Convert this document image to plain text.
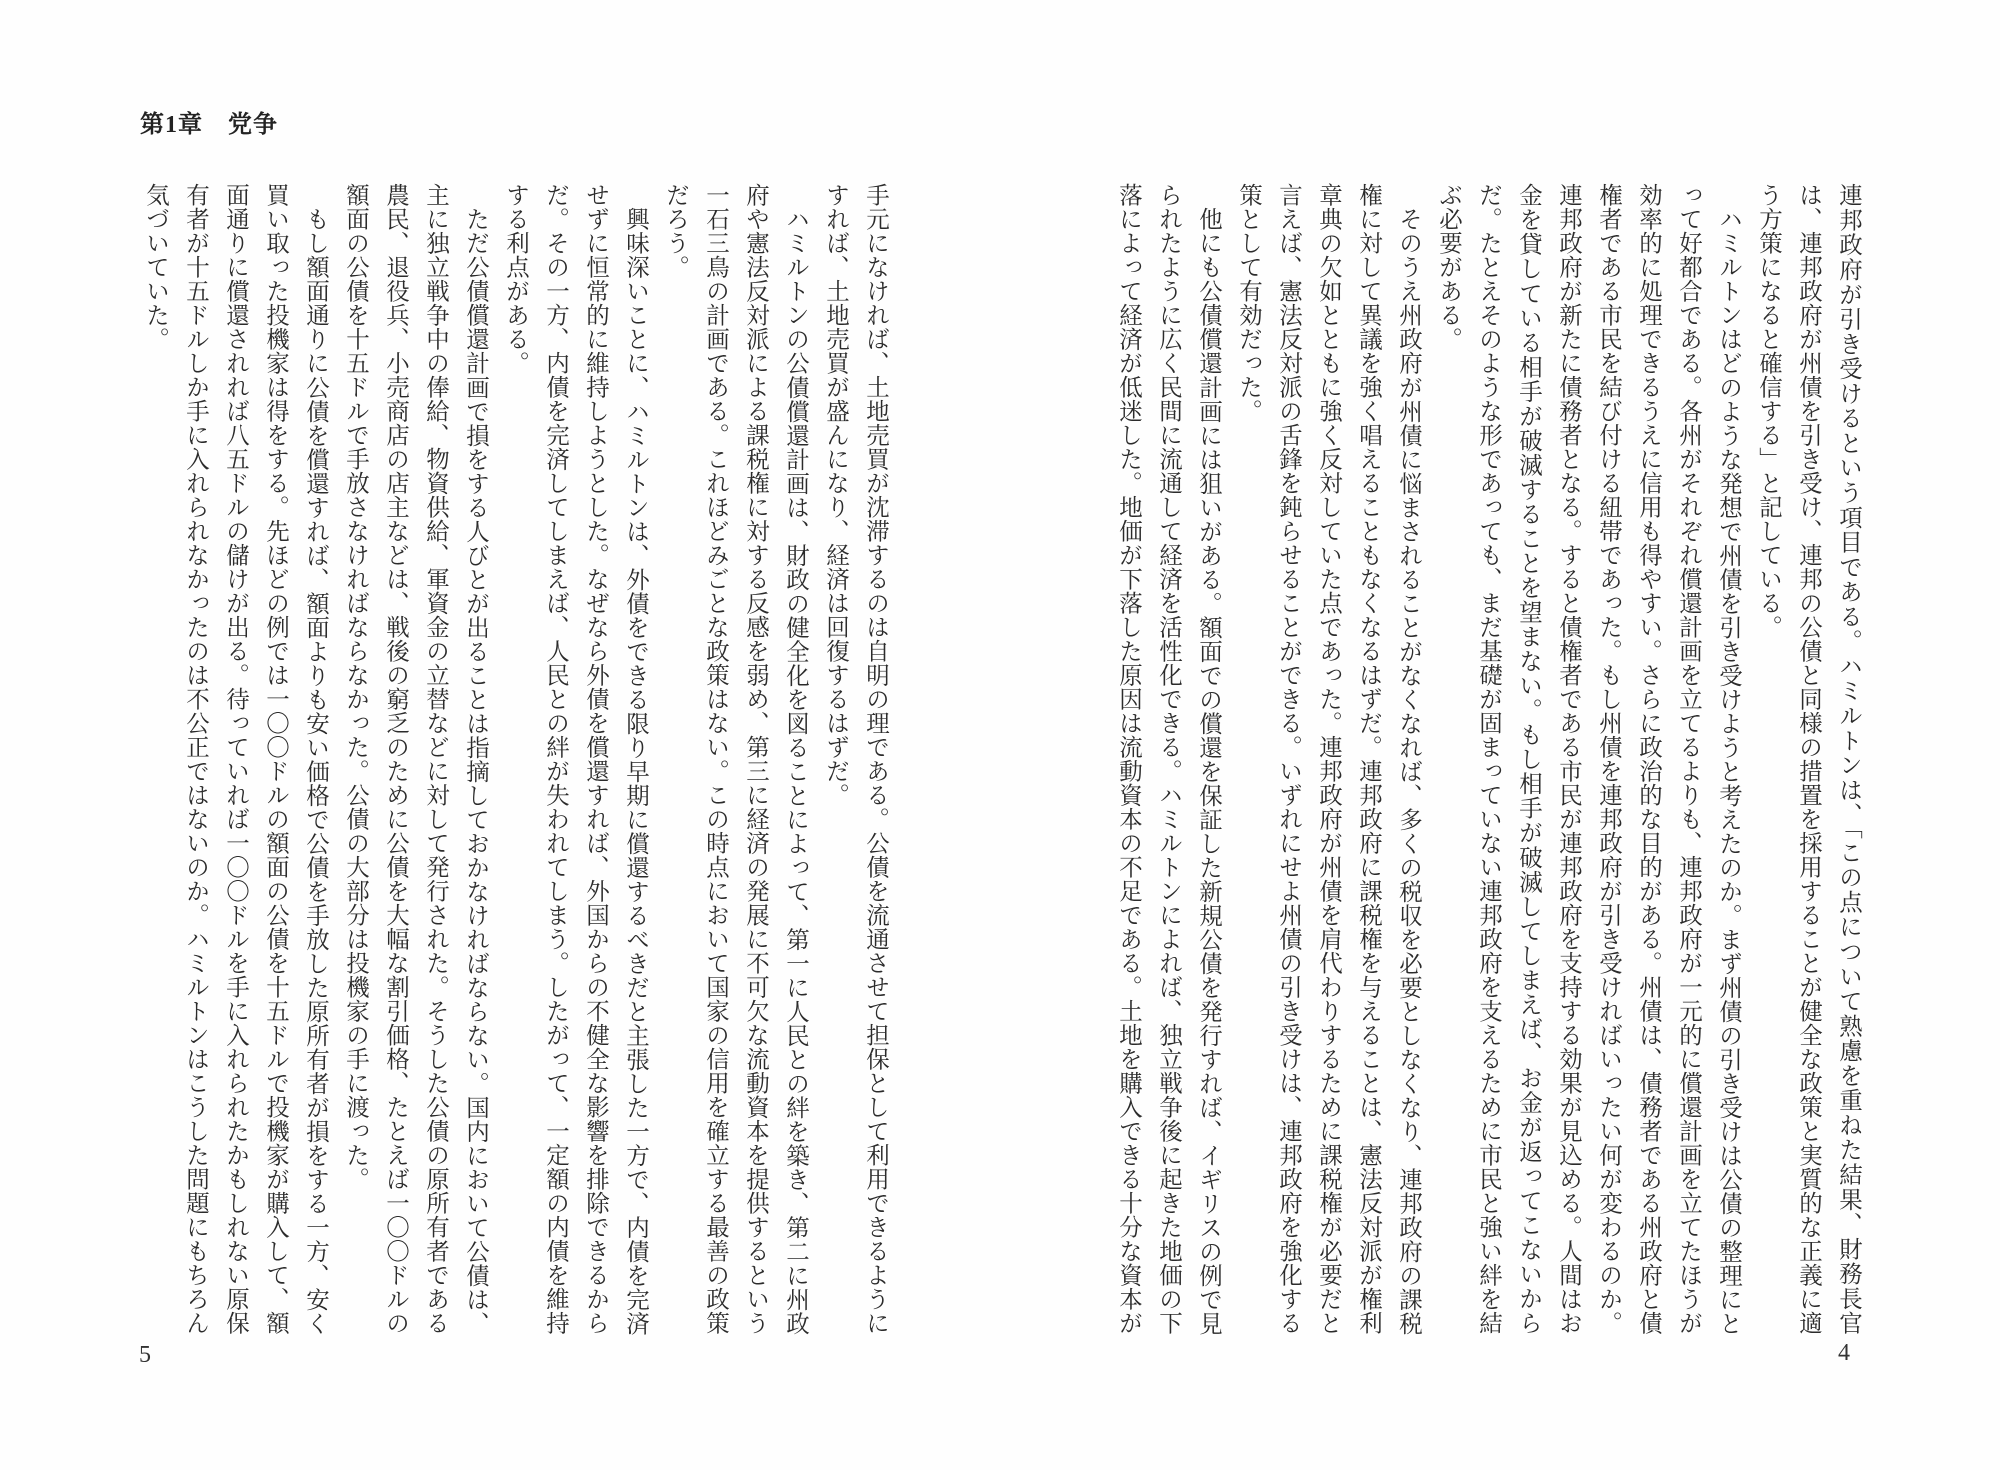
第1章　党争

連邦政府が引き受けるという項目である。ハミルトンは、「この点について熟慮を重ねた結果、財務長官は、連邦政府が州債を引き受け、連邦の公債と同様の措置を採用することが健全な政策と実質的な正義に適う方策になると確信する」と記している。

ハミルトンはどのような発想で州債を引き受けようと考えたのか。まず州債の引き受けは公債の整理にとって好都合である。各州がそれぞれ償還計画を立てるよりも、連邦政府が一元的に償還計画を立てたほうが効率的に処理できるうえに信用も得やすい。さらに政治的な目的がある。州債は、債務者である州政府と債権者である市民を結び付ける紐帯であった。もし州債を連邦政府が引き受ければいったい何が変わるのか。連邦政府が新たに債務者となる。すると債権者である市民が連邦政府を支持する効果が見込める。人間はお金を貸している相手が破滅することを望まない。もし相手が破滅してしまえば、お金が返ってこないからだ。たとえそのような形であっても、まだ基礎が固まっていない連邦政府を支えるために市民と強い絆を結ぶ必要がある。

そのうえ州政府が州債に悩まされることがなくなれば、多くの税収を必要としなくなり、連邦政府の課税権に対して異議を強く唱えることもなくなるはずだ。連邦政府に課税権を与えることは、憲法反対派が権利章典の欠如とともに強く反対していた点であった。連邦政府が州債を肩代わりするために課税権が必要だと言えば、憲法反対派の舌鋒を鈍らせることができる。いずれにせよ州債の引き受けは、連邦政府を強化する策として有効だった。

他にも公債償還計画には狙いがある。額面での償還を保証した新規公債を発行すれば、イギリスの例で見られたように広く民間に流通して経済を活性化できる。ハミルトンによれば、独立戦争後に起きた地価の下落によって経済が低迷した。地価が下落した原因は流動資本の不足である。土地を購入できる十分な資本が

手元になければ、土地売買が沈滞するのは自明の理である。公債を流通させて担保として利用できるようにすれば、土地売買が盛んになり、経済は回復するはずだ。

ハミルトンの公債償還計画は、財政の健全化を図ることによって、第一に人民との絆を築き、第二に州政府や憲法反対派による課税権に対する反感を弱め、第三に経済の発展に不可欠な流動資本を提供するという一石三鳥の計画である。これほどみごとな政策はない。この時点において国家の信用を確立する最善の政策だろう。

興味深いことに、ハミルトンは、外債をできる限り早期に償還するべきだと主張した一方で、内債を完済せずに恒常的に維持しようとした。なぜなら外債を償還すれば、外国からの不健全な影響を排除できるからだ。その一方、内債を完済してしまえば、人民との絆が失われてしまう。したがって、一定額の内債を維持する利点がある。

ただ公債償還計画で損をする人びとが出ることは指摘しておかなければならない。国内において公債は、主に独立戦争中の俸給、物資供給、軍資金の立替などに対して発行された。そうした公債の原所有者である農民、退役兵、小売商店の店主などは、戦後の窮乏のために公債を大幅な割引価格、たとえば一〇〇ドルの額面の公債を十五ドルで手放さなければならなかった。公債の大部分は投機家の手に渡った。

もし額面通りに公債を償還すれば、額面よりも安い価格で公債を手放した原所有者が損をする一方、安く買い取った投機家は得をする。先ほどの例では一〇〇ドルの額面の公債を十五ドルで投機家が購入して、額面通りに償還されれば八五ドルの儲けが出る。待っていれば一〇〇ドルを手に入れられたかもしれない原保有者が十五ドルしか手に入れられなかったのは不公正ではないのか。ハミルトンはこうした問題にもちろん気づいていた。

4
5
